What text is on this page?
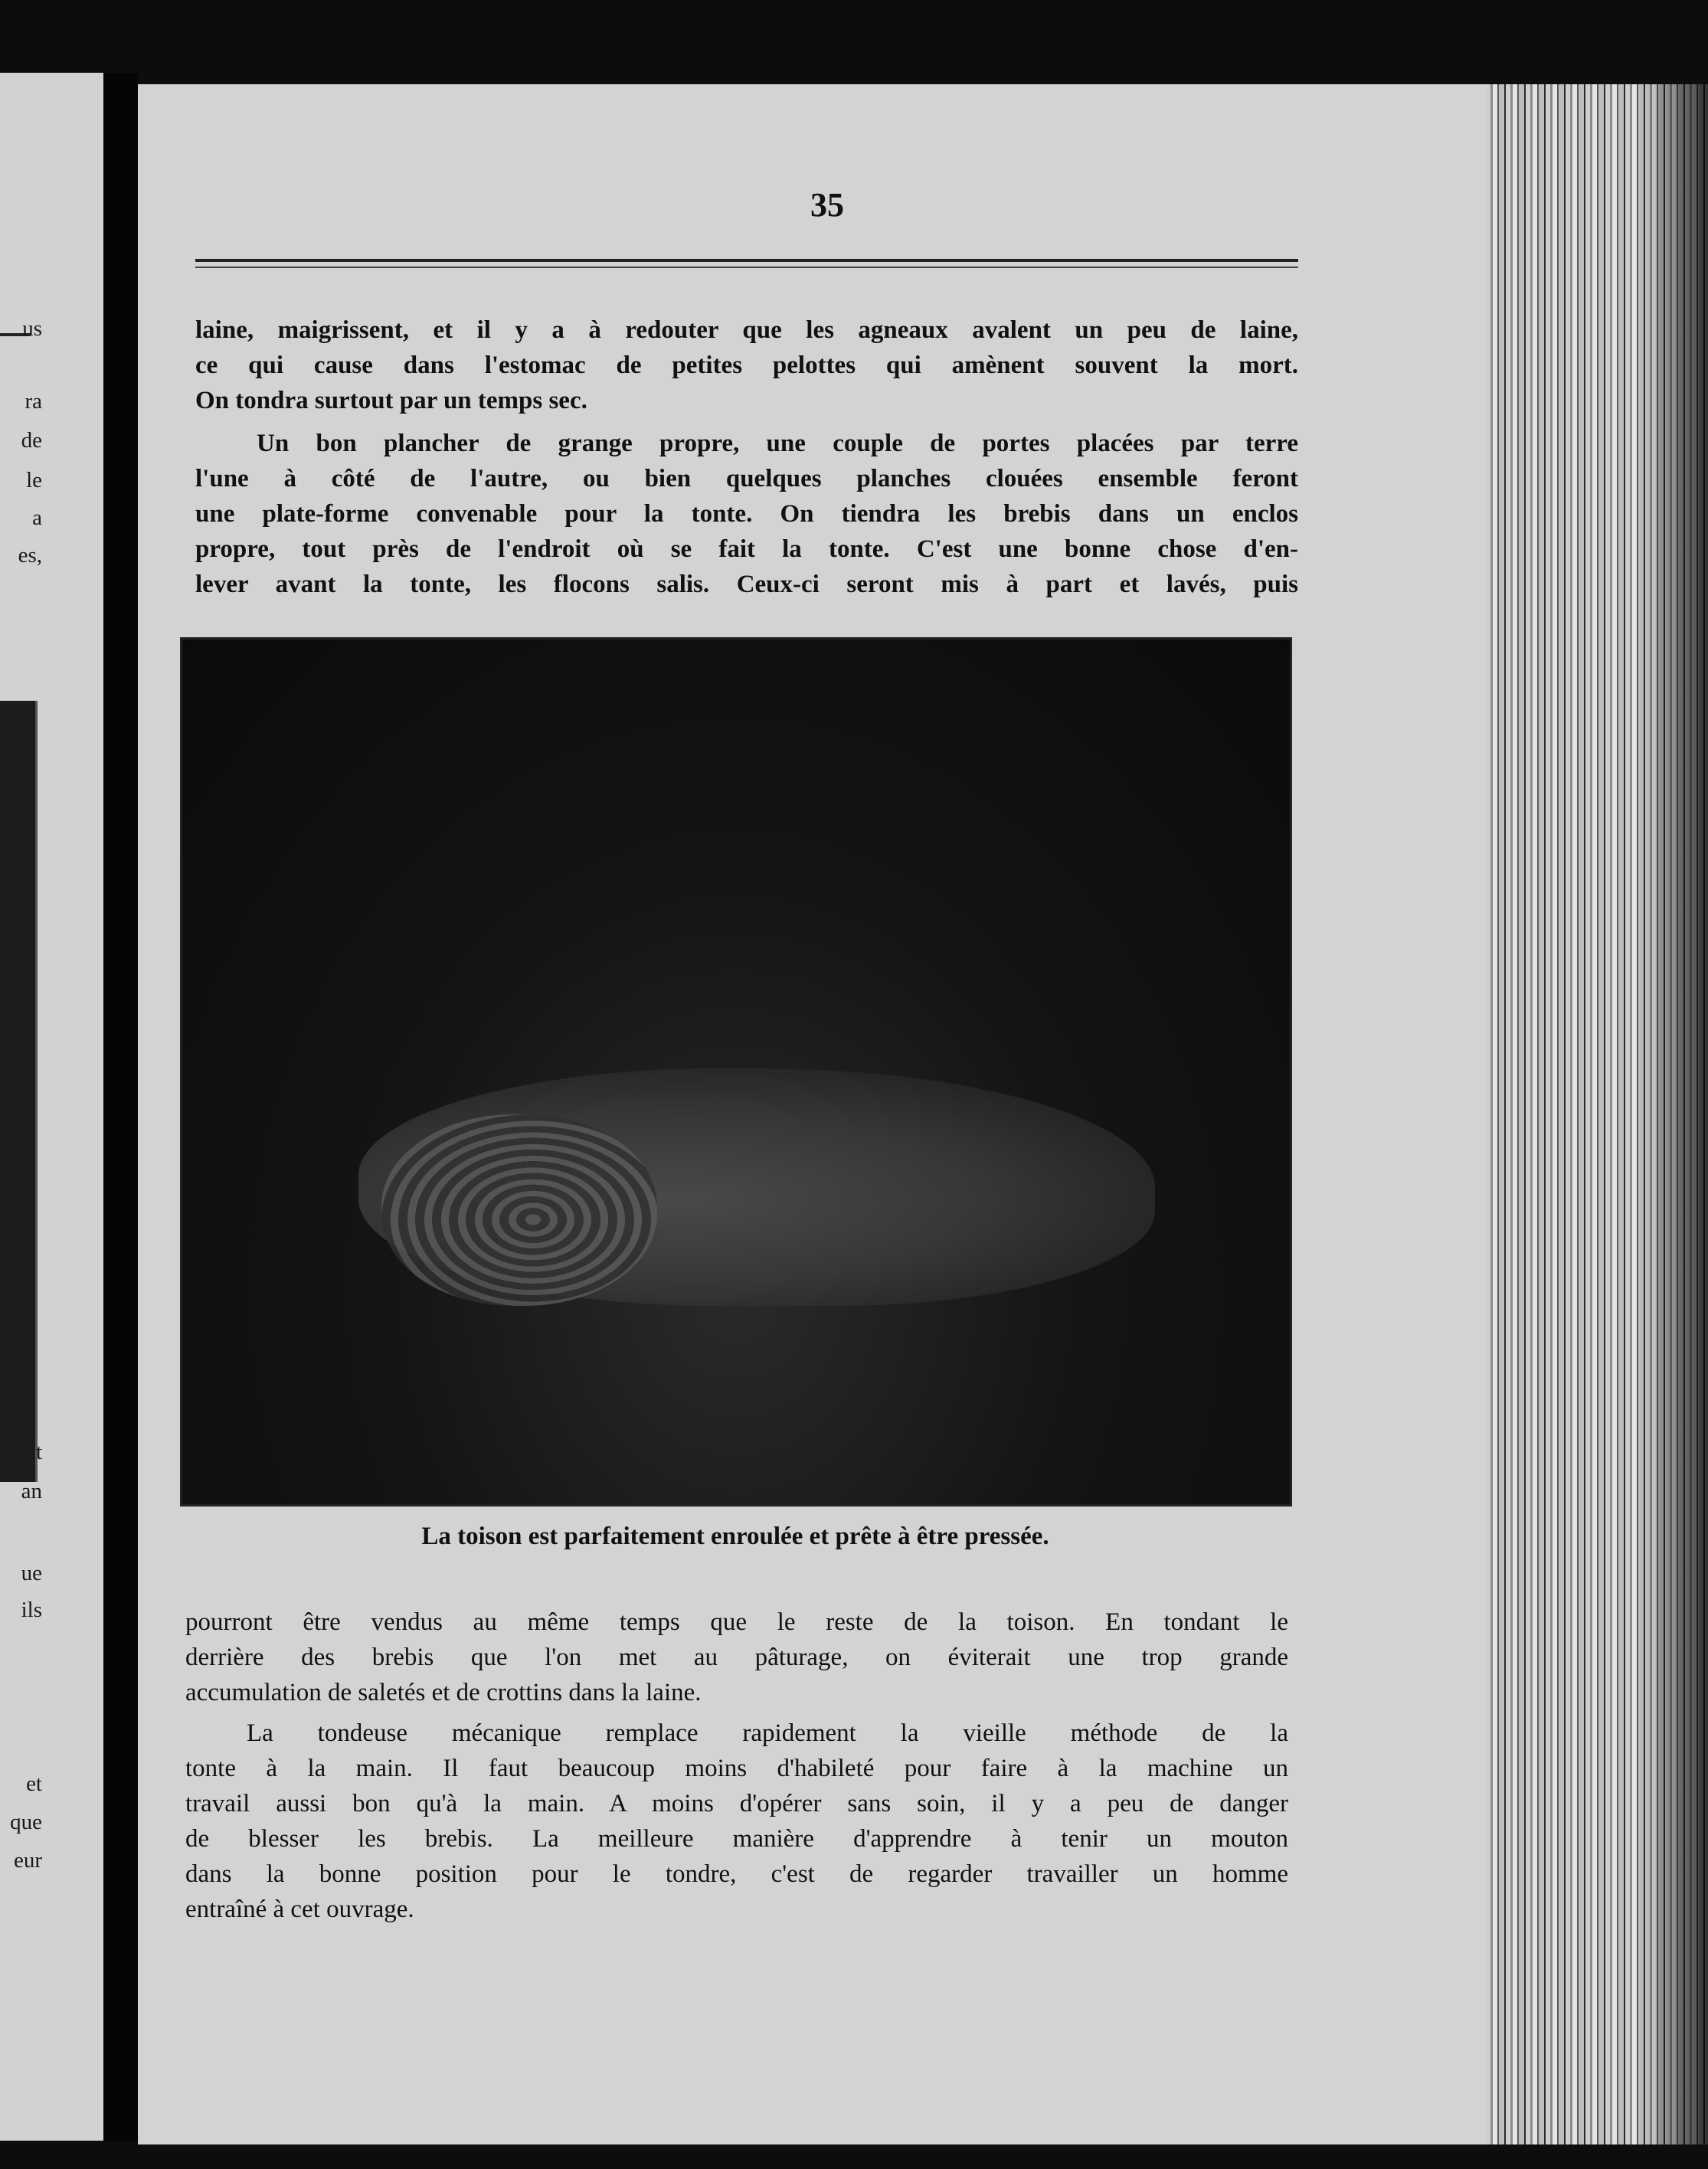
us
ra
de
le
a
es,
nt
an
ue
ils
et
que
eur
35

laine, maigrissent, et il y a à redouter que les agneaux avalent un peu de laine,
ce qui cause dans l'estomac de petites pelottes qui amènent souvent la mort.
On tondra surtout par un temps sec.

Un bon plancher de grange propre, une couple de portes placées par terre
l'une à côté de l'autre, ou bien quelques planches clouées ensemble feront
une plate-forme convenable pour la tonte. On tiendra les brebis dans un enclos
propre, tout près de l'endroit où se fait la tonte. C'est une bonne chose d'en-
lever avant la tonte, les flocons salis. Ceux-ci seront mis à part et lavés, puis

La toison est parfaitement enroulée et prête à être pressée.

pourront être vendus au même temps que le reste de la toison. En tondant le
derrière des brebis que l'on met au pâturage, on éviterait une trop grande
accumulation de saletés et de crottins dans la laine.

La tondeuse mécanique remplace rapidement la vieille méthode de la
tonte à la main. Il faut beaucoup moins d'habileté pour faire à la machine un
travail aussi bon qu'à la main. A moins d'opérer sans soin, il y a peu de danger
de blesser les brebis. La meilleure manière d'apprendre à tenir un mouton
dans la bonne position pour le tondre, c'est de regarder travailler un homme
entraîné à cet ouvrage.
